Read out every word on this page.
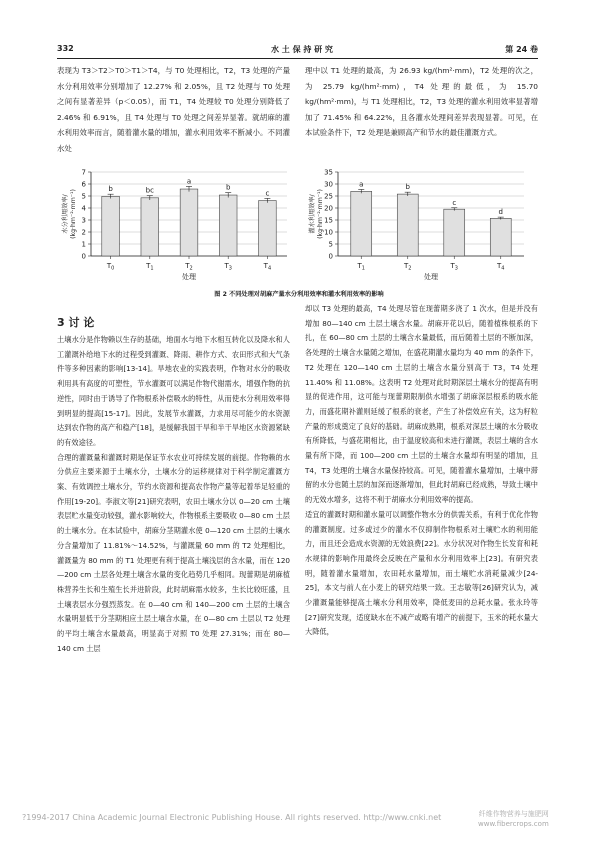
332	水 土 保 持 研 究	第 24 卷

表现为 T3＞T2＞T0＞T1＞T4，与 T0 处理相比，T2，T3 处理的产量水分利用效率分别增加了 12.27% 和 2.05%，且 T2 处理与 T0 处理之间有显著差异（p＜0.05），而 T1，T4 处理较 T0 处理分别降低了 2.46% 和 6.91%，且 T4 处理与 T0 处理之间差异显著。就胡麻的灌水利用效率而言，随着灌水量的增加，灌水利用效率不断减小。不同灌水处

理中以 T1 处理的最高，为 26.93 kg/(hm²·mm)，T2 处理的次之，为 25.79 kg/(hm²·mm)，T4 处理的最低，为 15.70 kg/(hm²·mm)，与 T1 处理相比，T2，T3 处理的灌水利用效率显著增加了 71.45% 和 64.22%，且各灌水处理间差异表现显著。可见，在本试验条件下，T2 处理是兼顾高产和节水的最佳灌溉方式。

0
1
2
3
4
5
6
7
b
$T_0$
bc
$T_1$
a
$T_2$
b
$T_3$
c
$T_4$
处理
水分利用效率/(kg·hm⁻²·mm⁻¹)
0
5
10
15
20
25
30
35
a
$T_1$
b
$T_2$
c
$T_3$
d
$T_4$
处理
灌水利用效率/(kg·hm⁻²·mm⁻¹)
图 2 不同处理对胡麻产量水分利用效率和灌水利用效率的影响
3 讨 论

土壤水分是作物赖以生存的基础，地面水与地下水相互转化以及降水和人工灌溉补给地下水的过程受到灌溉、降雨、耕作方式、农田形式和大气条件等多种因素的影响[13-14]。旱地农业的实践表明，作物对水分的吸收利用具有高度的可塑性，节水灌溉可以满足作物代谢需水，增强作物的抗逆性，同时由于诱导了作物根系补偿吸水的特性，从而使水分利用效率得到明显的提高[15-17]。因此，发展节水灌溉，力求用尽可能少的水资源达到农作物的高产和稳产[18]，是缓解我国干旱和半干旱地区水资源紧缺的有效途径。
合理的灌溉量和灌溉时期是保证节水农业可持续发展的前提。作物赖的水分供应主要来源于土壤水分，土壤水分的运移规律对于科学制定灌溉方案、有效调控土壤水分，节约水资源和提高农作物产量等起着举足轻重的作用[19-20]。李淑文等[21]研究表明，农田土壤水分以 0—20 cm 土壤表层贮水量变动较强，灌水影响较大，作物根系主要吸收 0—80 cm 土层的土壤水分。在本试验中，胡麻分茎期灌水使 0—120 cm 土层的土壤水分含量增加了 11.81%～14.52%，与灌溉量 60 mm 的 T2 处理相比，灌溉量为 80 mm 的 T1 处理更有利于提高土壤浅层的含水量，而在 120—200 cm 土层各处理土壤含水量的变化趋势几乎相同。现蕾期是胡麻植株营养生长和生殖生长并进阶段，此时胡麻需水较多，生长比较旺盛，且土壤表层水分强烈蒸发。在 0—40 cm 和 140—200 cm 土层的土壤含水量明显低于分茎期相应土层土壤含水量，在 0—80 cm 土层以 T2 处理的平均土壤含水量最高，明显高于对照 T0 处理 27.31%；而在 80—140 cm 土层

却以 T3 处理的最高，T4 处理尽管在现蕾期多浇了 1 次水，但是并没有增加 80—140 cm 土层土壤含水量。胡麻开花以后，随着植株根系的下扎，在 60—80 cm 土层的土壤含水量最低，而后随着土层的不断加深，各处理的土壤含水量随之增加，在盛花期灌水量均为 40 mm 的条件下，T2 处理在 120—140 cm 土层的土壤含水量分别高于 T3，T4 处理 11.40% 和 11.08%。这表明 T2 处理对此时期深层土壤水分的提高有明显的促进作用，这可能与现蕾期限制供水增强了胡麻深层根系的吸水能力，而盛花期补灌则延缓了根系的衰老，产生了补偿效应有关，这为籽粒产量的形成奠定了良好的基础。胡麻成熟期，根系对深层土壤的水分吸收有所降低，与盛花期相比，由于温度较高和未进行灌溉，表层土壤的含水量有所下降，而 100—200 cm 土层的土壤含水量却有明显的增加，且 T4，T3 处理的土壤含水量保持较高。可见，随着灌水量增加，土壤中滞留的水分也随土层的加深而逐渐增加，但此时胡麻已经成熟，导致土壤中的无效水增多，这将不利于胡麻水分利用效率的提高。
适宜的灌溉时期和灌水量可以调整作物水分的供需关系，有利于优化作物的灌溉制度。过多或过少的灌水不仅抑制作物根系对土壤贮水的利用能力，而且还会造成水资源的无效浪费[22]。水分状况对作物生长发育和耗水规律的影响作用最终会反映在产量和水分利用效率上[23]。有研究表明，随着灌水量增加，农田耗水量增加，而土壤贮水消耗量减少[24-25]，本文与前人在小麦上的研究结果一致。王志敏等[26]研究认为，减少灌溉量能够提高土壤水分利用效率，降低麦田的总耗水量。张永玲等[27]研究发现，适度缺水在不减产或略有增产的前提下，玉米的耗水量大大降低，

?1994-2017 China Academic Journal Electronic Publishing House. All rights reserved. http://www.cnki.net	纤维作物营养与施肥网
www.fibercrops.com
